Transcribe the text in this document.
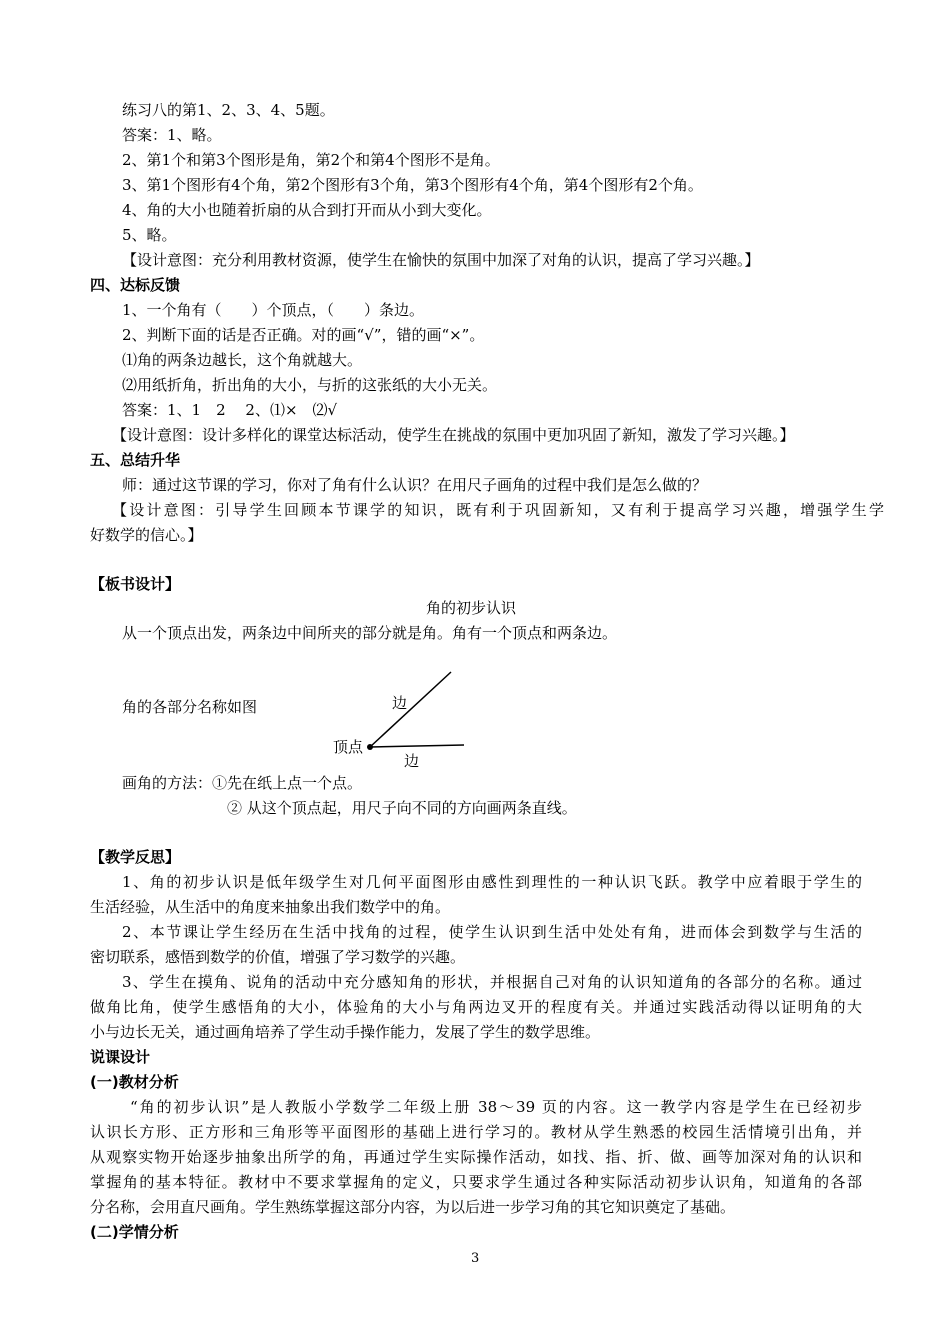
练习八的第1、2、3、4、5题。
答案：1、略。
2、第1个和第3个图形是角，第2个和第4个图形不是角。
3、第1个图形有4个角，第2个图形有3个角，第3个图形有4个角，第4个图形有2个角。
4、角的大小也随着折扇的从合到打开而从小到大变化。
5、略。
【设计意图：充分利用教材资源，使学生在愉快的氛围中加深了对角的认识，提高了学习兴趣。】
四、达标反馈
1、一个角有（　　）个顶点，（　　）条边。
2、判断下面的话是否正确。对的画“√”，错的画“×”。
⑴角的两条边越长，这个角就越大。
⑵用纸折角，折出角的大小，与折的这张纸的大小无关。
答案：1、1　2　 2、⑴×　⑵√
【设计意图：设计多样化的课堂达标活动，使学生在挑战的氛围中更加巩固了新知，激发了学习兴趣。】
五、总结升华
师：通过这节课的学习，你对了角有什么认识？在用尺子画角的过程中我们是怎么做的？
【设计意图：引导学生回顾本节课学的知识，既有利于巩固新知，又有利于提高学习兴趣，增强学生学
好数学的信心。】
【板书设计】
角的初步认识
从一个顶点出发，两条边中间所夹的部分就是角。角有一个顶点和两条边。
角的各部分名称如图	边
顶点
边
画角的方法：①先在纸上点一个点。
② 从这个顶点起，用尺子向不同的方向画两条直线。
【教学反思】
1、角的初步认识是低年级学生对几何平面图形由感性到理性的一种认识飞跃。教学中应着眼于学生的
生活经验，从生活中的角度来抽象出我们数学中的角。
2、本节课让学生经历在生活中找角的过程，使学生认识到生活中处处有角，进而体会到数学与生活的
密切联系，感悟到数学的价值，增强了学习数学的兴趣。
3、学生在摸角、说角的活动中充分感知角的形状，并根据自己对角的认识知道角的各部分的名称。通过
做角比角，使学生感悟角的大小，体验角的大小与角两边叉开的程度有关。并通过实践活动得以证明角的大
小与边长无关，通过画角培养了学生动手操作能力，发展了学生的数学思维。
说课设计
(一)教材分析
“角的初步认识”是人教版小学数学二年级上册 38～39 页的内容。这一教学内容是学生在已经初步
认识长方形、正方形和三角形等平面图形的基础上进行学习的。教材从学生熟悉的校园生活情境引出角，并
从观察实物开始逐步抽象出所学的角，再通过学生实际操作活动，如找、指、折、做、画等加深对角的认识和
掌握角的基本特征。教材中不要求掌握角的定义，只要求学生通过各种实际活动初步认识角，知道角的各部
分名称，会用直尺画角。学生熟练掌握这部分内容，为以后进一步学习角的其它知识奠定了基础。
(二)学情分析
3
